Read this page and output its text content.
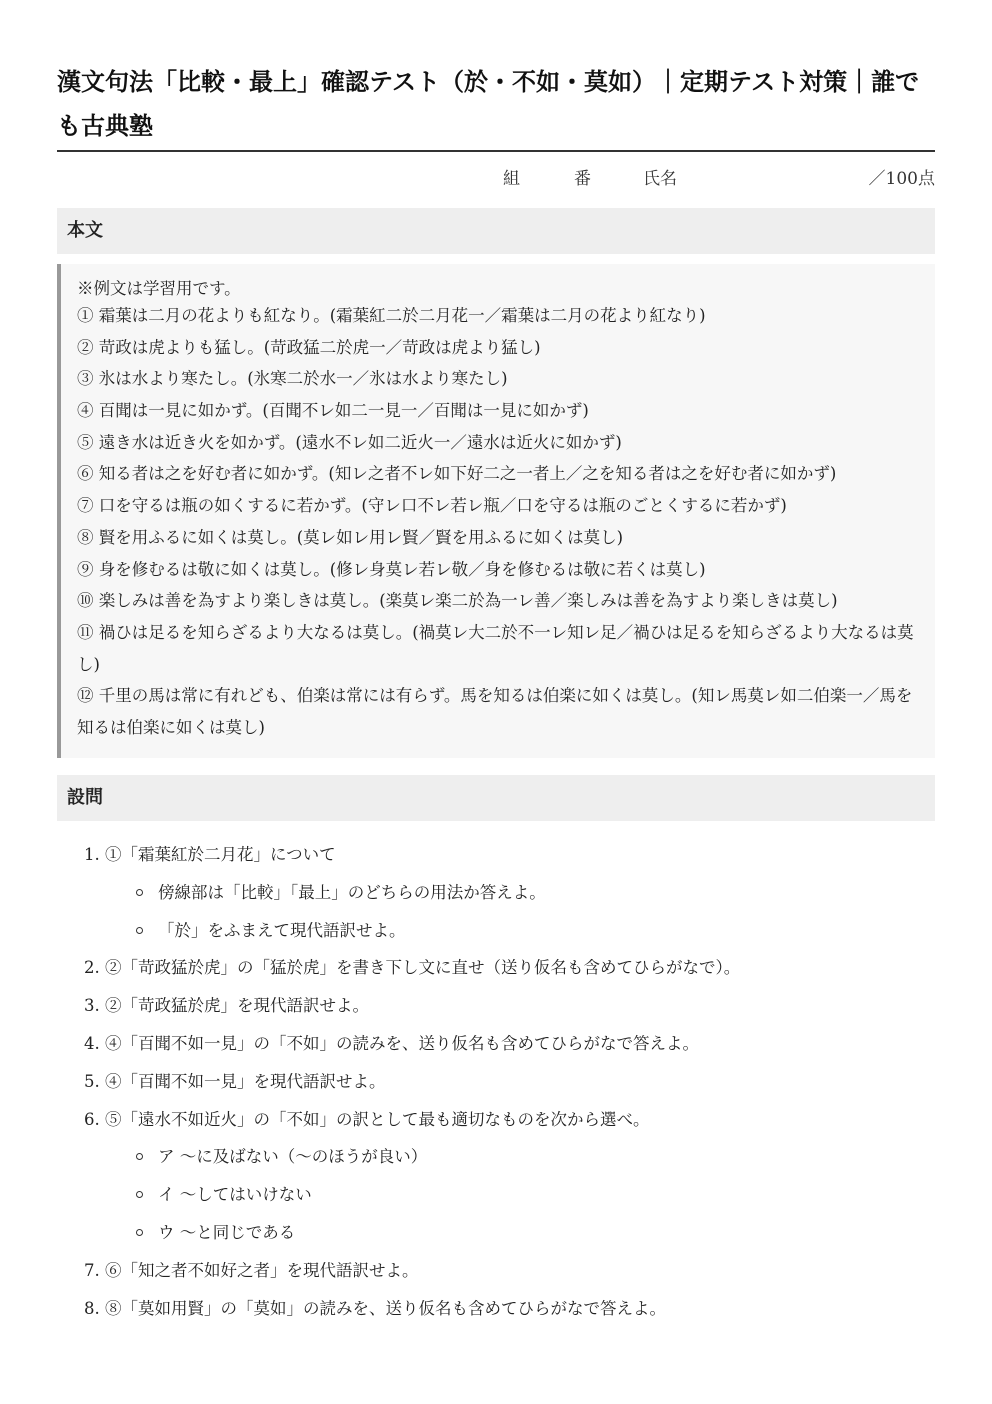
漢文句法「比較・最上」確認テスト（於・不如・莫如）｜定期テスト対策｜誰でも古典塾
組	番	氏名	／100点
本文
※例文は学習用です。
① 霜葉は二月の花よりも紅なり。(霜葉紅二於二月花一／霜葉は二月の花より紅なり)
② 苛政は虎よりも猛し。(苛政猛二於虎一／苛政は虎より猛し)
③ 氷は水より寒たし。(氷寒二於水一／氷は水より寒たし)
④ 百聞は一見に如かず。(百聞不レ如二一見一／百聞は一見に如かず)
⑤ 遠き水は近き火を如かず。(遠水不レ如二近火一／遠水は近火に如かず)
⑥ 知る者は之を好む者に如かず。(知レ之者不レ如下好二之一者上／之を知る者は之を好む者に如かず)
⑦ 口を守るは瓶の如くするに若かず。(守レ口不レ若レ瓶／口を守るは瓶のごとくするに若かず)
⑧ 賢を用ふるに如くは莫し。(莫レ如レ用レ賢／賢を用ふるに如くは莫し)
⑨ 身を修むるは敬に如くは莫し。(修レ身莫レ若レ敬／身を修むるは敬に若くは莫し)
⑩ 楽しみは善を為すより楽しきは莫し。(楽莫レ楽二於為一レ善／楽しみは善を為すより楽しきは莫し)
⑪ 禍ひは足るを知らざるより大なるは莫し。(禍莫レ大二於不一レ知レ足／禍ひは足るを知らざるより大なるは莫し)
⑫ 千里の馬は常に有れども、伯楽は常には有らず。馬を知るは伯楽に如くは莫し。(知レ馬莫レ如二伯楽一／馬を知るは伯楽に如くは莫し)
設問
1. ①「霜葉紅於二月花」について
傍線部は「比較」「最上」のどちらの用法か答えよ。
「於」をふまえて現代語訳せよ。
2. ②「苛政猛於虎」の「猛於虎」を書き下し文に直せ（送り仮名も含めてひらがなで）。
3. ②「苛政猛於虎」を現代語訳せよ。
4. ④「百聞不如一見」の「不如」の読みを、送り仮名も含めてひらがなで答えよ。
5. ④「百聞不如一見」を現代語訳せよ。
6. ⑤「遠水不如近火」の「不如」の訳として最も適切なものを次から選べ。
ア 〜に及ばない（〜のほうが良い）
イ 〜してはいけない
ウ 〜と同じである
7. ⑥「知之者不如好之者」を現代語訳せよ。
8. ⑧「莫如用賢」の「莫如」の読みを、送り仮名も含めてひらがなで答えよ。
